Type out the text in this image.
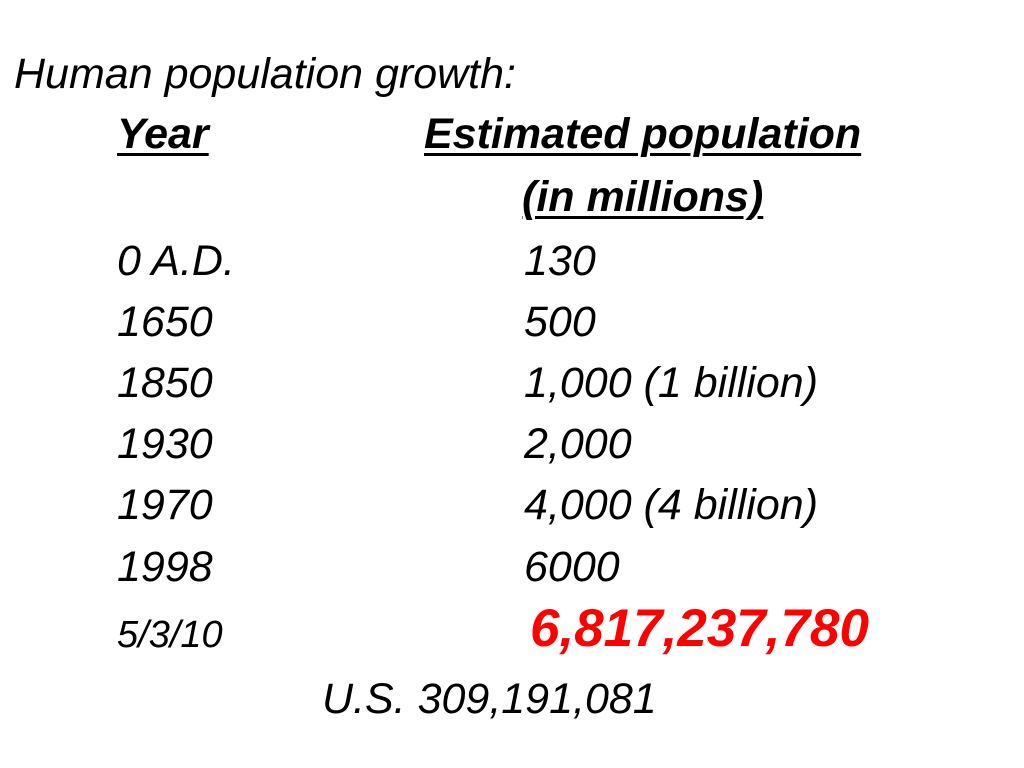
Human population growth:
Year	Estimated population
(in millions)
0 A.D.	130
1650	500
1850	1,000 (1 billion)
1930	2,000
1970	4,000 (4 billion)
1998	6000
5/3/10	6,817,237,780
U.S. 309,191,081
